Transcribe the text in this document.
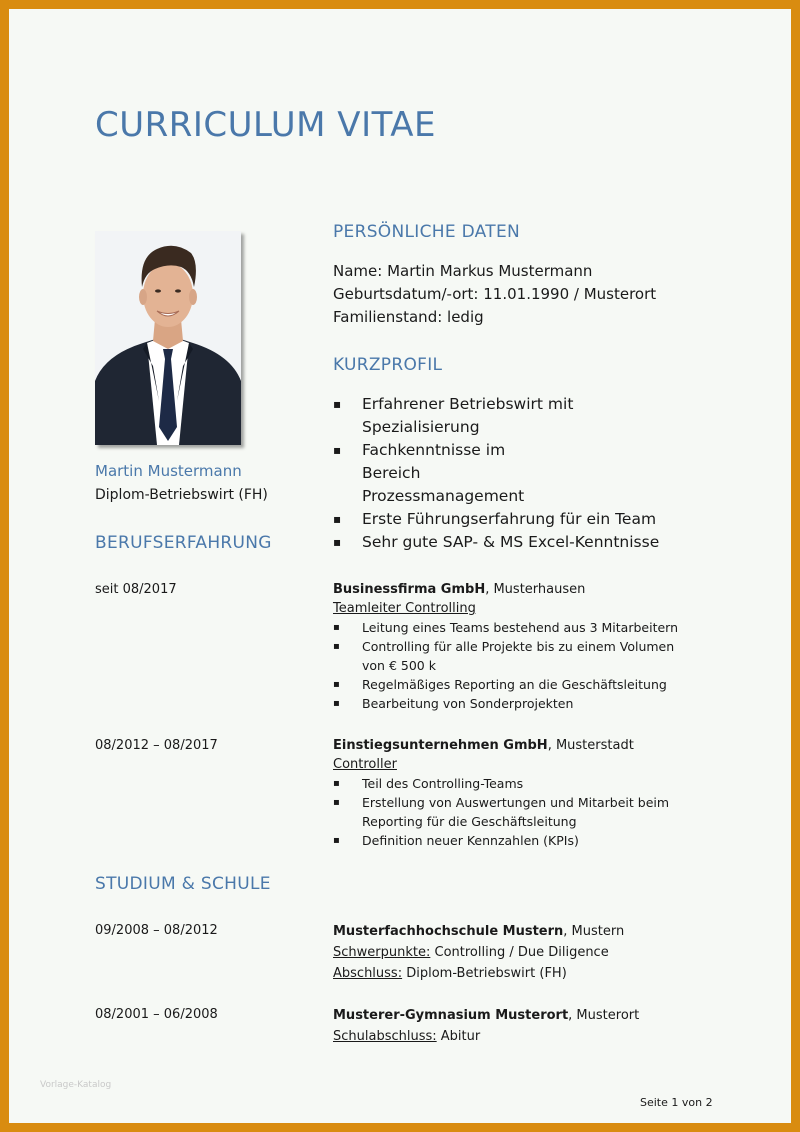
CURRICULUM VITAE
Martin Mustermann
Diplom-Betriebswirt (FH)
PERSÖNLICHE DATEN
Name: Martin Markus Mustermann
Geburtsdatum/-ort: 11.01.1990 / Musterort
Familienstand: ledig
KURZPROFIL
▪ Erfahrener Betriebswirt mit Spezialisierung
▪ Fachkenntnisse im Bereich Prozessmanagement
▪ Erste Führungserfahrung für ein Team
▪ Sehr gute SAP- & MS Excel-Kenntnisse
BERUFSERFAHRUNG
seit 08/2017	Businessfirma GmbH, Musterhausen
Teamleiter Controlling
▪ Leitung eines Teams bestehend aus 3 Mitarbeitern
▪ Controlling für alle Projekte bis zu einem Volumen von € 500 k
▪ Regelmäßiges Reporting an die Geschäftsleitung
▪ Bearbeitung von Sonderprojekten
08/2012 – 08/2017	Einstiegsunternehmen GmbH, Musterstadt
Controller
▪ Teil des Controlling-Teams
▪ Erstellung von Auswertungen und Mitarbeit beim Reporting für die Geschäftsleitung
▪ Definition neuer Kennzahlen (KPIs)
STUDIUM & SCHULE
09/2008 – 08/2012	Musterfachhochschule Mustern, Mustern
Schwerpunkte: Controlling / Due Diligence
Abschluss: Diplom-Betriebswirt (FH)
08/2001 – 06/2008	Musterer-Gymnasium Musterort, Musterort
Schulabschluss: Abitur
Vorlage-Katalog
Seite 1 von 2
